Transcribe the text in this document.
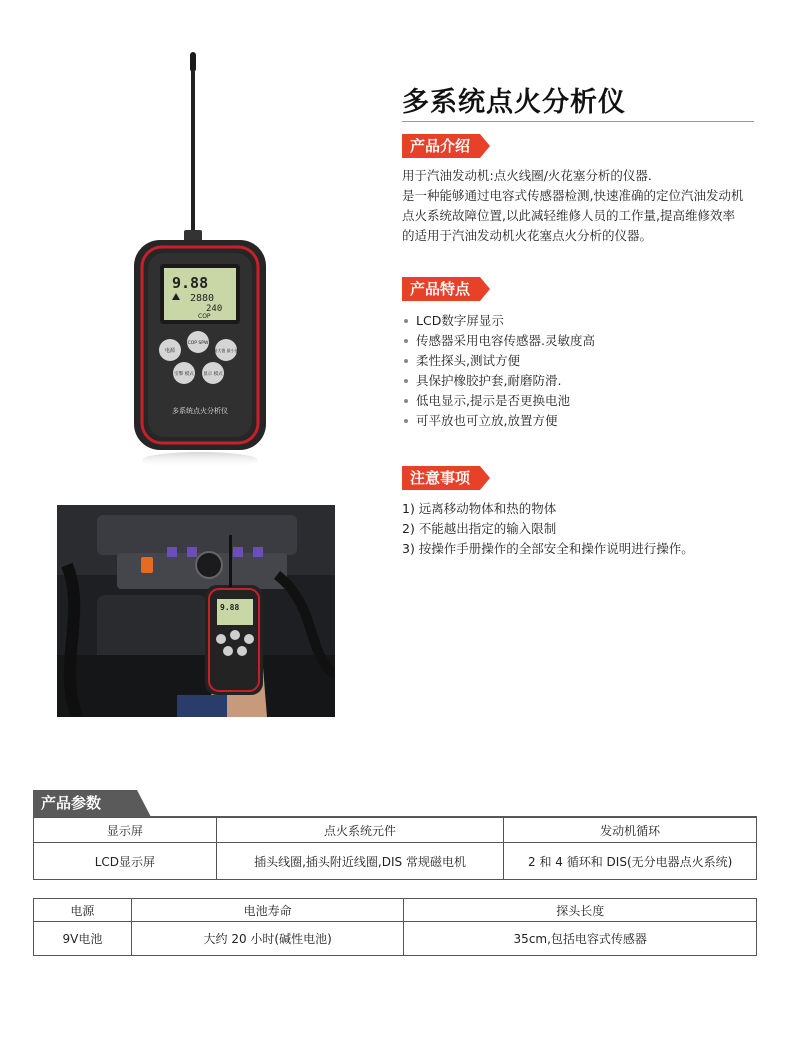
多系统点火分析仪
产品介绍
用于汽油发动机:点火线圈/火花塞分析的仪器.
是一种能够通过电容式传感器检测,快速准确的定位汽油发动机
点火系统故障位置,以此减轻维修人员的工作量,提高维修效率
的适用于汽油发动机火花塞点火分析的仪器。
产品特点
LCD数字屏显示
传感器采用电容传感器.灵敏度高
柔性探头,测试方便
具保护橡胶护套,耐磨防滑.
低电显示,提示是否更换电池
可平放也可立放,放置方便
注意事项
1) 远离移动物体和热的物体
2) 不能越出指定的输入限制
3) 按操作手册操作的全部安全和操作说明进行操作。
9.88
2880
240
COP
电源
COP SPW
最大值 最小值
引擎 模式 显示 模式
多系统点火分析仪
9.88
产品参数
显示屏	点火系统元件	发动机循环
LCD显示屏	插头线圈,插头附近线圈,DIS 常规磁电机	2 和 4 循环和 DIS(无分电器点火系统)
电源	电池寿命	探头长度
9V电池	大约 20 小时(碱性电池)	35cm,包括电容式传感器
